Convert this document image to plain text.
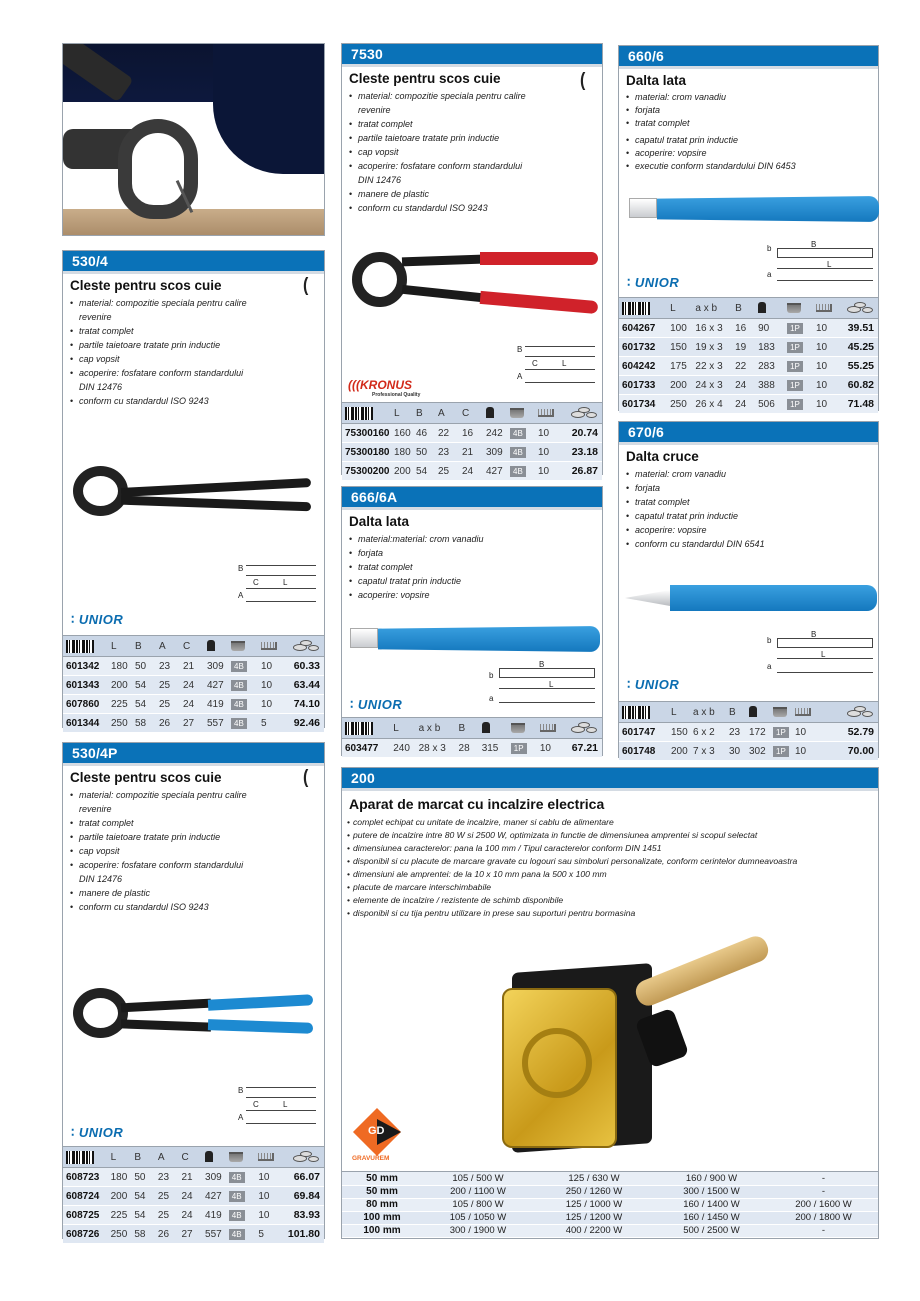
530/4
Cleste pentru scos cuie	(
• material: compozitie speciala pentru calire
revenire
• tratat complet
• partile taietoare tratate prin inductie
• cap vopsit
• acoperire: fosfatare conform standardului
DIN 12476
• conform cu standardul ISO 9243
B
C	L
A
∶ UNIOR
	L	B	A	C				

601342	180	50	23	21	309	4B	10	60.33
601343	200	54	25	24	427	4B	10	63.44
607860	225	54	25	24	419	4B	10	74.10
601344	250	58	26	27	557	4B	5	92.46
530/4P
Cleste pentru scos cuie	(
• material: compozitie speciala pentru calire
revenire
• tratat complet
• partile taietoare tratate prin inductie
• cap vopsit
• acoperire: fosfatare conform standardului
DIN 12476
• manere de plastic
• conform cu standardul ISO 9243
B
C	L
A
∶ UNIOR
	L	B	A	C				

608723	180	50	23	21	309	4B	10	66.07
608724	200	54	25	24	427	4B	10	69.84
608725	225	54	25	24	419	4B	10	83.93
608726	250	58	26	27	557	4B	5	101.80
7530
Cleste pentru scos cuie	(
• material: compozitie speciala pentru calire
revenire
• tratat complet
• partile taietoare tratate prin inductie
• cap vopsit
• acoperire: fosfatare conform standardului
DIN 12476
• manere de plastic
• conform cu standardul ISO 9243
B
C	L
A
(((KRONUS
Professional Quality
	L	B	A	C				

75300160	160	46	22	16	242	4B	10	20.74
75300180	180	50	23	21	309	4B	10	23.18
75300200	200	54	25	24	427	4B	10	26.87
666/6A
Dalta lata
• material:material: crom vanadiu
• forjata
• tratat complet
• capatul tratat prin inductie
• acoperire: vopsire
b
B
L
a
∶ UNIOR
	L	a x b	B				

603477	240	28 x 3	28	315	1P	10	67.21
660/6
Dalta lata
• material: crom vanadiu
• forjata
• tratat complet
• capatul tratat prin inductie
• acoperire: vopsire
• executie conform standardului DIN 6453
b	B
L
a
∶ UNIOR
	L	a x b	B				

604267	100	16 x 3	16	90	1P	10	39.51
601732	150	19 x 3	19	183	1P	10	45.25
604242	175	22 x 3	22	283	1P	10	55.25
601733	200	24 x 3	24	388	1P	10	60.82
601734	250	26 x 4	24	506	1P	10	71.48
670/6
Dalta cruce
• material: crom vanadiu
• forjata
• tratat complet
• capatul tratat prin inductie
• acoperire: vopsire
• conform cu standardul DIN 6541
b
B
L
a
∶ UNIOR
	L	a x b	B				

601747	150	6 x 2	23	172	1P	10	52.79
601748	200	7 x 3	30	302	1P	10	70.00
200
Aparat de marcat cu incalzire electrica
• complet echipat cu unitate de incalzire, maner si cablu de alimentare
• putere de incalzire intre 80 W si 2500 W, optimizata in functie de dimensiunea amprentei si scopul selectat
• dimensiunea caracterelor: pana la 100 mm / Tipul caracterelor conform DIN 1451
• disponibil si cu placute de marcare gravate cu logouri sau simboluri personalizate, conform cerintelor dumneavoastra
• dimensiuni ale amprentei: de la 10 x 10 mm pana la 500 x 100 mm
• placute de marcare interschimbabile
• elemente de incalzire / rezistente de schimb disponibile
• disponibil si cu tija pentru utilizare in prese sau suporturi pentru bormasina
GD
GRAVUREM
50 mm	105 / 500 W	125 / 630 W	160 / 900 W	-
50 mm	200 / 1100 W	250 / 1260 W	300 / 1500 W	-
80 mm	105 / 800 W	125 / 1000 W	160 / 1400 W	200 / 1600 W
100 mm	105 / 1050 W	125 / 1200 W	160 / 1450 W	200 / 1800 W
100 mm	300 / 1900 W	400 / 2200 W	500 / 2500 W	-
